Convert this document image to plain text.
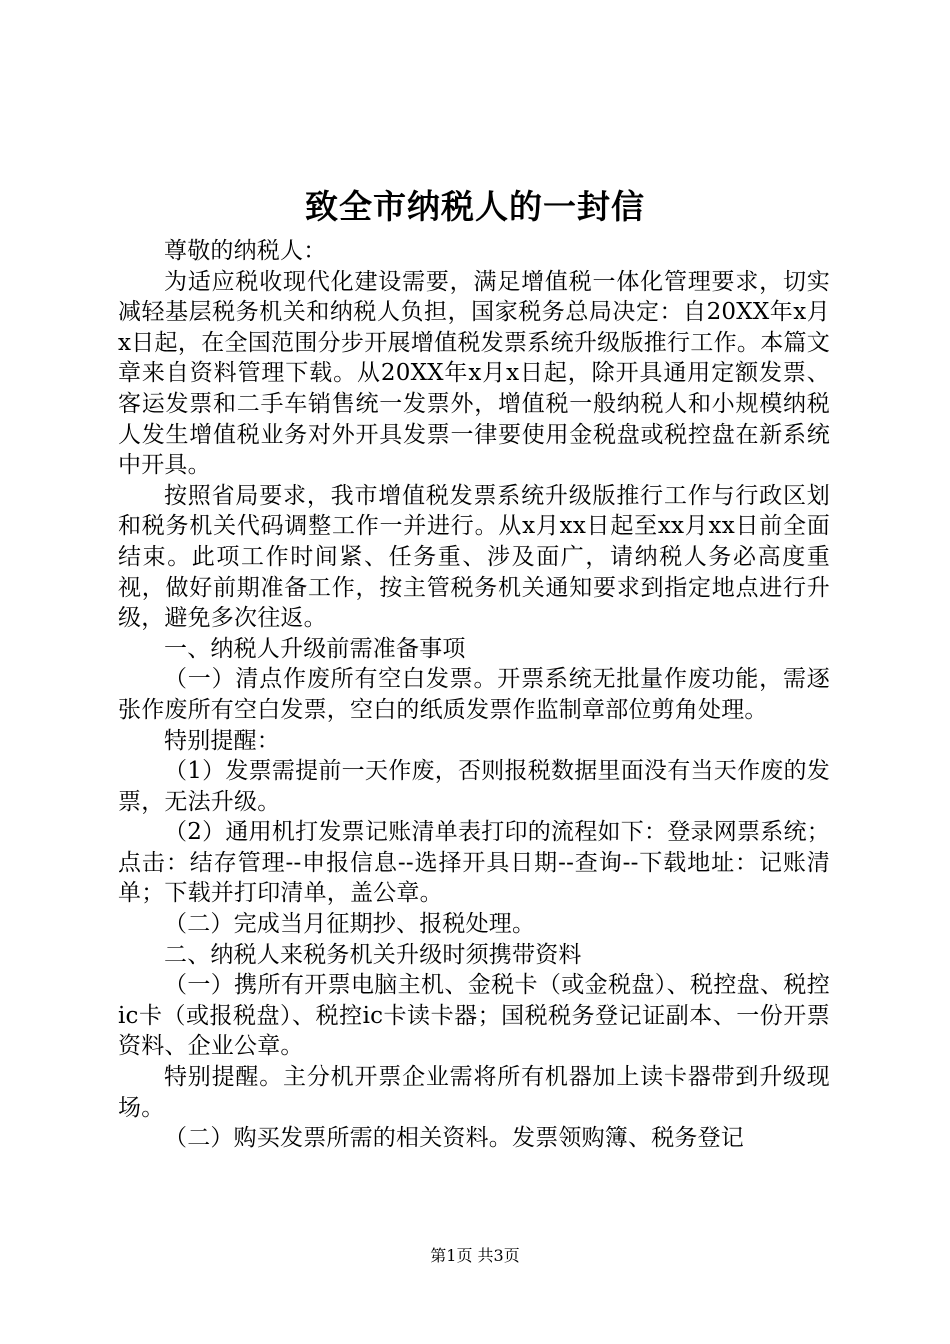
致全市纳税人的一封信

尊敬的纳税人：

为适应税收现代化建设需要，满足增值税一体化管理要求，切实减轻基层税务机关和纳税人负担，国家税务总局决定：自20XX年x月x日起，在全国范围分步开展增值税发票系统升级版推行工作。本篇文章来自资料管理下载。从20XX年x月x日起，除开具通用定额发票、客运发票和二手车销售统一发票外，增值税一般纳税人和小规模纳税人发生增值税业务对外开具发票一律要使用金税盘或税控盘在新系统中开具。

按照省局要求，我市增值税发票系统升级版推行工作与行政区划和税务机关代码调整工作一并进行。从x月xx日起至xx月xx日前全面结束。此项工作时间紧、任务重、涉及面广，请纳税人务必高度重视，做好前期准备工作，按主管税务机关通知要求到指定地点进行升级，避免多次往返。

一、纳税人升级前需准备事项

（一）清点作废所有空白发票。开票系统无批量作废功能，需逐张作废所有空白发票，空白的纸质发票作监制章部位剪角处理。

特别提醒：

（1）发票需提前一天作废，否则报税数据里面没有当天作废的发票，无法升级。

（2）通用机打发票记账清单表打印的流程如下：登录网票系统；点击：结存管理--申报信息--选择开具日期--查询--下载地址：记账清单；下载并打印清单，盖公章。

（二）完成当月征期抄、报税处理。

二、纳税人来税务机关升级时须携带资料

（一）携所有开票电脑主机、金税卡（或金税盘）、税控盘、税控ic卡（或报税盘）、税控ic卡读卡器；国税税务登记证副本、一份开票资料、企业公章。

特别提醒。主分机开票企业需将所有机器加上读卡器带到升级现场。

（二）购买发票所需的相关资料。发票领购簿、税务登记

第1页 共3页
